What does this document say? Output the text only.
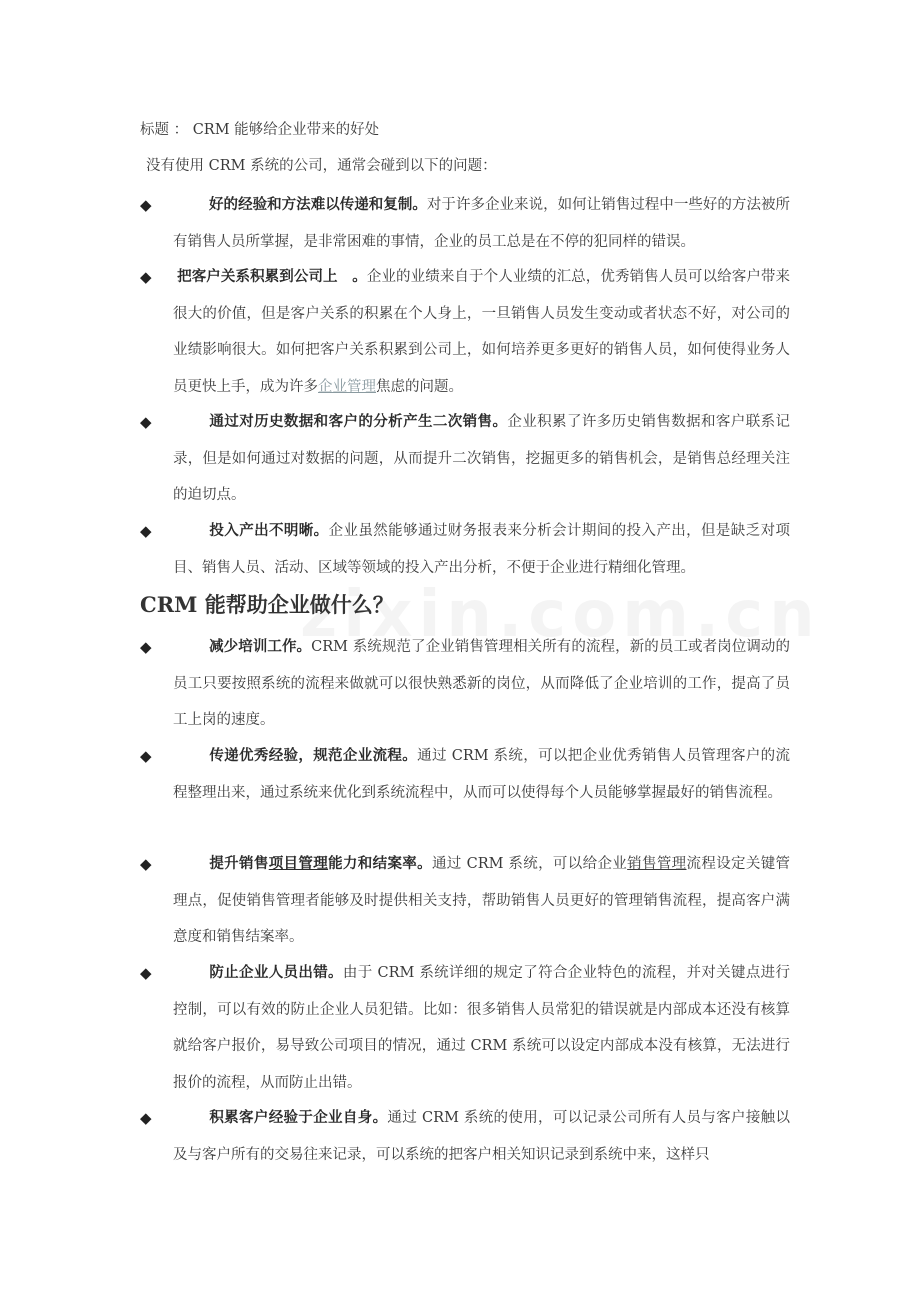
标题 ： CRM 能够给企业带来的好处
没有使用 CRM 系统的公司，通常会碰到以下的问题：
◆	好的经验和方法难以传递和复制。对于许多企业来说，如何让销售过程中一些好的方法被所有销售人员所掌握，是非常困难的事情，企业的员工总是在不停的犯同样的错误。
◆ 把客户关系积累到公司上　。企业的业绩来自于个人业绩的汇总，优秀销售人员可以给客户带来很大的价值，但是客户关系的积累在个人身上，一旦销售人员发生变动或者状态不好，对公司的业绩影响很大。如何把客户关系积累到公司上，如何培养更多更好的销售人员，如何使得业务人员更快上手，成为许多企业管理焦虑的问题。
◆	通过对历史数据和客户的分析产生二次销售。企业积累了许多历史销售数据和客户联系记录，但是如何通过对数据的问题，从而提升二次销售，挖掘更多的销售机会，是销售总经理关注的迫切点。
◆	投入产出不明晰。企业虽然能够通过财务报表来分析会计期间的投入产出，但是缺乏对项目、销售人员、活动、区域等领域的投入产出分析，不便于企业进行精细化管理。
CRM 能帮助企业做什么？
◆	减少培训工作。CRM 系统规范了企业销售管理相关所有的流程，新的员工或者岗位调动的员工只要按照系统的流程来做就可以很快熟悉新的岗位，从而降低了企业培训的工作，提高了员工上岗的速度。
◆	传递优秀经验，规范企业流程。通过 CRM 系统，可以把企业优秀销售人员管理客户的流程整理出来，通过系统来优化到系统流程中，从而可以使得每个人员能够掌握最好的销售流程。
◆	提升销售项目管理能力和结案率。通过 CRM 系统，可以给企业销售管理流程设定关键管理点，促使销售管理者能够及时提供相关支持，帮助销售人员更好的管理销售流程，提高客户满意度和销售结案率。
◆	防止企业人员出错。由于 CRM 系统详细的规定了符合企业特色的流程，并对关键点进行控制，可以有效的防止企业人员犯错。比如：很多销售人员常犯的错误就是内部成本还没有核算就给客户报价，易导致公司项目的情况，通过 CRM 系统可以设定内部成本没有核算，无法进行报价的流程，从而防止出错。
◆	积累客户经验于企业自身。通过 CRM 系统的使用，可以记录公司所有人员与客户接触以及与客户所有的交易往来记录，可以系统的把客户相关知识记录到系统中来，这样只
